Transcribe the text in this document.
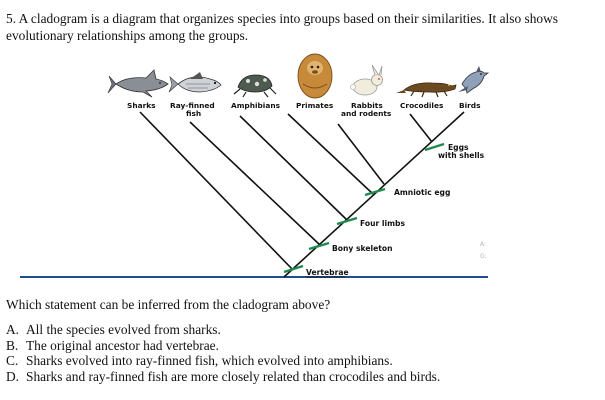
5. A cladogram is a diagram that organizes species into groups based on their similarities. It also shows
evolutionary relationships among the groups.
Vertebrae
Bony skeleton
Four limbs
Amniotic egg
Eggs
with shells
A:
G:
Sharks Ray-finned
fish
Amphibians Primates Rabbits
and rodents
Crocodiles Birds
Which statement can be inferred from the cladogram above?
A. All the species evolved from sharks.
B. The original ancestor had vertebrae.
C. Sharks evolved into ray-finned fish, which evolved into amphibians.
D. Sharks and ray-finned fish are more closely related than crocodiles and birds.
